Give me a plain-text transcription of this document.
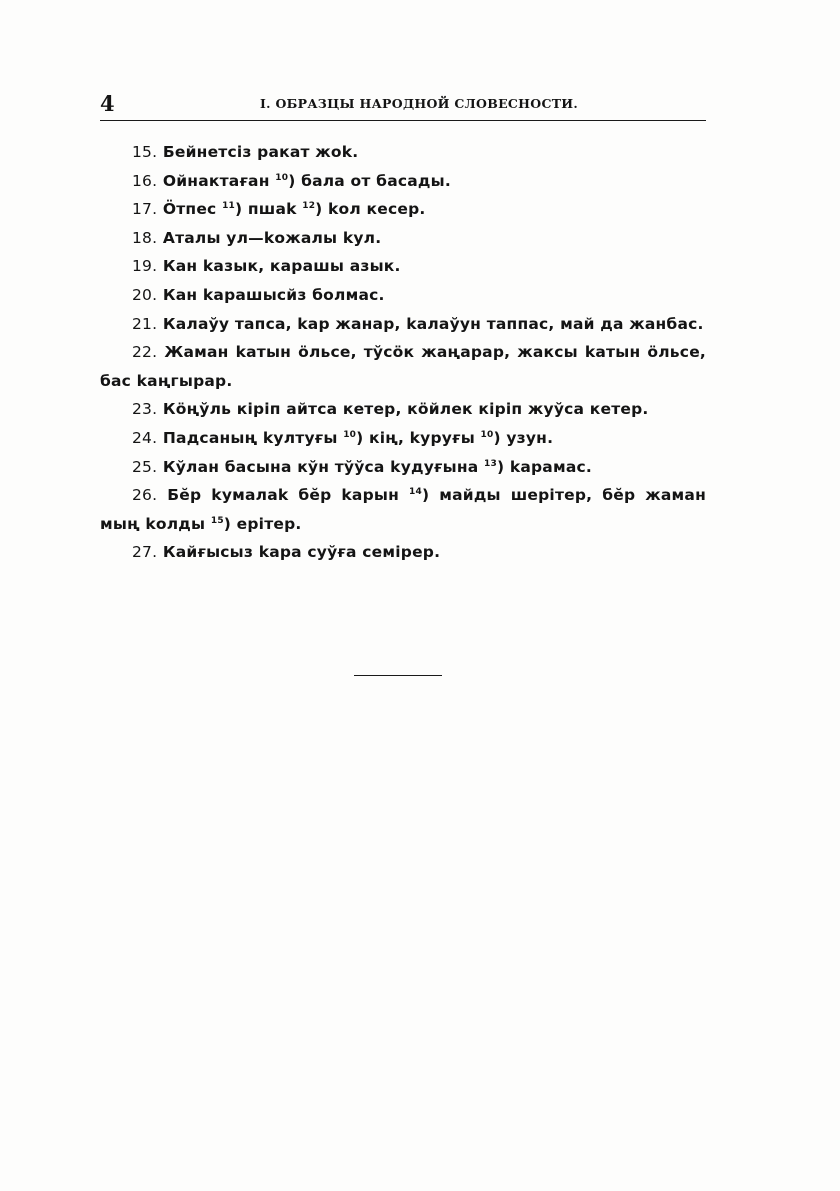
4	I. ОБРАЗЦЫ НАРОДНОЙ СЛОВЕСНОСТИ.
15. Бейнетсiз ракат жоk.
16. Ойнактаған $^{10}$) бала от басады.
17. Öтпес $^{11}$) пшаk $^{12}$) kол кесер.
18. Аталы ул—kожалы kул.
19. Кан kазык, карашы азык.
20. Кан kарашысйз болмас.
21. Калаўу тапса, kар жанар, kалаўун таппас, май да жанбас.
22. Жаман kатын öльсе, тўсöк жаңарар, жаксы kатын öльсе, бас kаңгырар.
23. Кöңўль кiрiп айтса кетер, кöйлек кiрiп жуўса кетер.
24. Падсаның kултуғы $^{10}$) кiң, kуруғы $^{10}$) узун.
25. Кўлан басына кўн тўўса kудуғына $^{13}$) kарамас.
26. Бӗр kумалаk бӗр kарын $^{14}$) майды шерiтер, бӗр жаман мың kолды $^{15}$) ерiтер.
27. Кайғысыз kара суўға семiрер.
